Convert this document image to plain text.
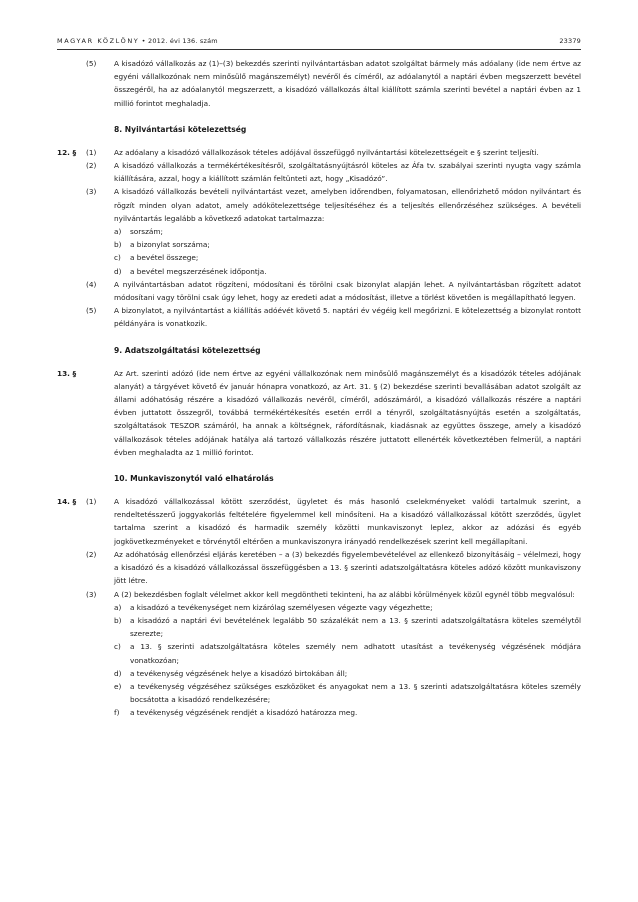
MAGYAR KÖZLÖNY • 2012. évi 136. szám	23379

(5) A kisadózó vállalkozás az (1)–(3) bekezdés szerinti nyilvántartásban adatot szolgáltat bármely más adóalany (ide nem értve az egyéni vállalkozónak nem minősülő magánszemélyt) nevéről és címéről, az adóalanytól a naptári évben megszerzett bevétel összegéről, ha az adóalanytól megszerzett, a kisadózó vállalkozás által kiállított számla szerinti bevétel a naptári évben az 1 millió forintot meghaladja.

8. Nyilvántartási kötelezettség

12. § (1) Az adóalany a kisadózó vállalkozások tételes adójával összefüggő nyilvántartási kötelezettségeit e § szerint teljesíti.

(2) A kisadózó vállalkozás a termékértékesítésről, szolgáltatásnyújtásról köteles az Áfa tv. szabályai szerinti nyugta vagy számla kiállítására, azzal, hogy a kiállított számlán feltünteti azt, hogy „Kisadózó”.

(3) A kisadózó vállalkozás bevételi nyilvántartást vezet, amelyben időrendben, folyamatosan, ellenőrizhető módon nyilvántart és rögzít minden olyan adatot, amely adókötelezettsége teljesítéséhez és a teljesítés ellenőrzéséhez szükséges. A bevételi nyilvántartás legalább a következő adatokat tartalmazza:

a) sorszám;

b) a bizonylat sorszáma;

c) a bevétel összege;

d) a bevétel megszerzésének időpontja.

(4) A nyilvántartásban adatot rögzíteni, módosítani és törölni csak bizonylat alapján lehet. A nyilvántartásban rögzített adatot módosítani vagy törölni csak úgy lehet, hogy az eredeti adat a módosítást, illetve a törlést követően is megállapítható legyen.

(5) A bizonylatot, a nyilvántartást a kiállítás adóévét követő 5. naptári év végéig kell megőrizni. E kötelezettség a bizonylat rontott példányára is vonatkozik.

9. Adatszolgáltatási kötelezettség

13. §	Az Art. szerinti adózó (ide nem értve az egyéni vállalkozónak nem minősülő magánszemélyt és a kisadózók tételes adójának alanyát) a tárgyévet követő év január hónapra vonatkozó, az Art. 31. § (2) bekezdése szerinti bevallásában adatot szolgált az állami adóhatóság részére a kisadózó vállalkozás nevéről, címéről, adószámáról, a kisadózó vállalkozás részére a naptári évben juttatott összegről, továbbá termékértékesítés esetén erről a tényről, szolgáltatásnyújtás esetén a szolgáltatás, szolgáltatások TESZOR számáról, ha annak a költségnek, ráfordításnak, kiadásnak az együttes összege, amely a kisadózó vállalkozások tételes adójának hatálya alá tartozó vállalkozás részére juttatott ellenérték következtében felmerül, a naptári évben meghaladta az 1 millió forintot.

10. Munkaviszonytól való elhatárolás

14. § (1) A kisadózó vállalkozással kötött szerződést, ügyletet és más hasonló cselekményeket valódi tartalmuk szerint, a rendeltetésszerű joggyakorlás feltételére figyelemmel kell minősíteni. Ha a kisadózó vállalkozással kötött szerződés, ügylet tartalma szerint a kisadózó és harmadik személy közötti munkaviszonyt leplez, akkor az adózási és egyéb jogkövetkezményeket e törvénytől eltérően a munkaviszonyra irányadó rendelkezések szerint kell megállapítani.

(2) Az adóhatóság ellenőrzési eljárás keretében – a (3) bekezdés figyelembevételével az ellenkező bizonyításáig – vélelmezi, hogy a kisadózó és a kisadózó vállalkozással összefüggésben a 13. § szerinti adatszolgáltatásra köteles adózó között munkaviszony jött létre.

(3) A (2) bekezdésben foglalt vélelmet akkor kell megdöntheti tekinteni, ha az alábbi körülmények közül egynél több megvalósul:

a) a kisadózó a tevékenységet nem kizárólag személyesen végezte vagy végezhette;

b) a kisadózó a naptári évi bevételének legalább 50 százalékát nem a 13. § szerinti adatszolgáltatásra köteles személytől szerezte;

c) a 13. § szerinti adatszolgáltatásra köteles személy nem adhatott utasítást a tevékenység végzésének módjára vonatkozóan;

d) a tevékenység végzésének helye a kisadózó birtokában áll;

e) a tevékenység végzéséhez szükséges eszközöket és anyagokat nem a 13. § szerinti adatszolgáltatásra köteles személy bocsátotta a kisadózó rendelkezésére;

f) a tevékenység végzésének rendjét a kisadózó határozza meg.
